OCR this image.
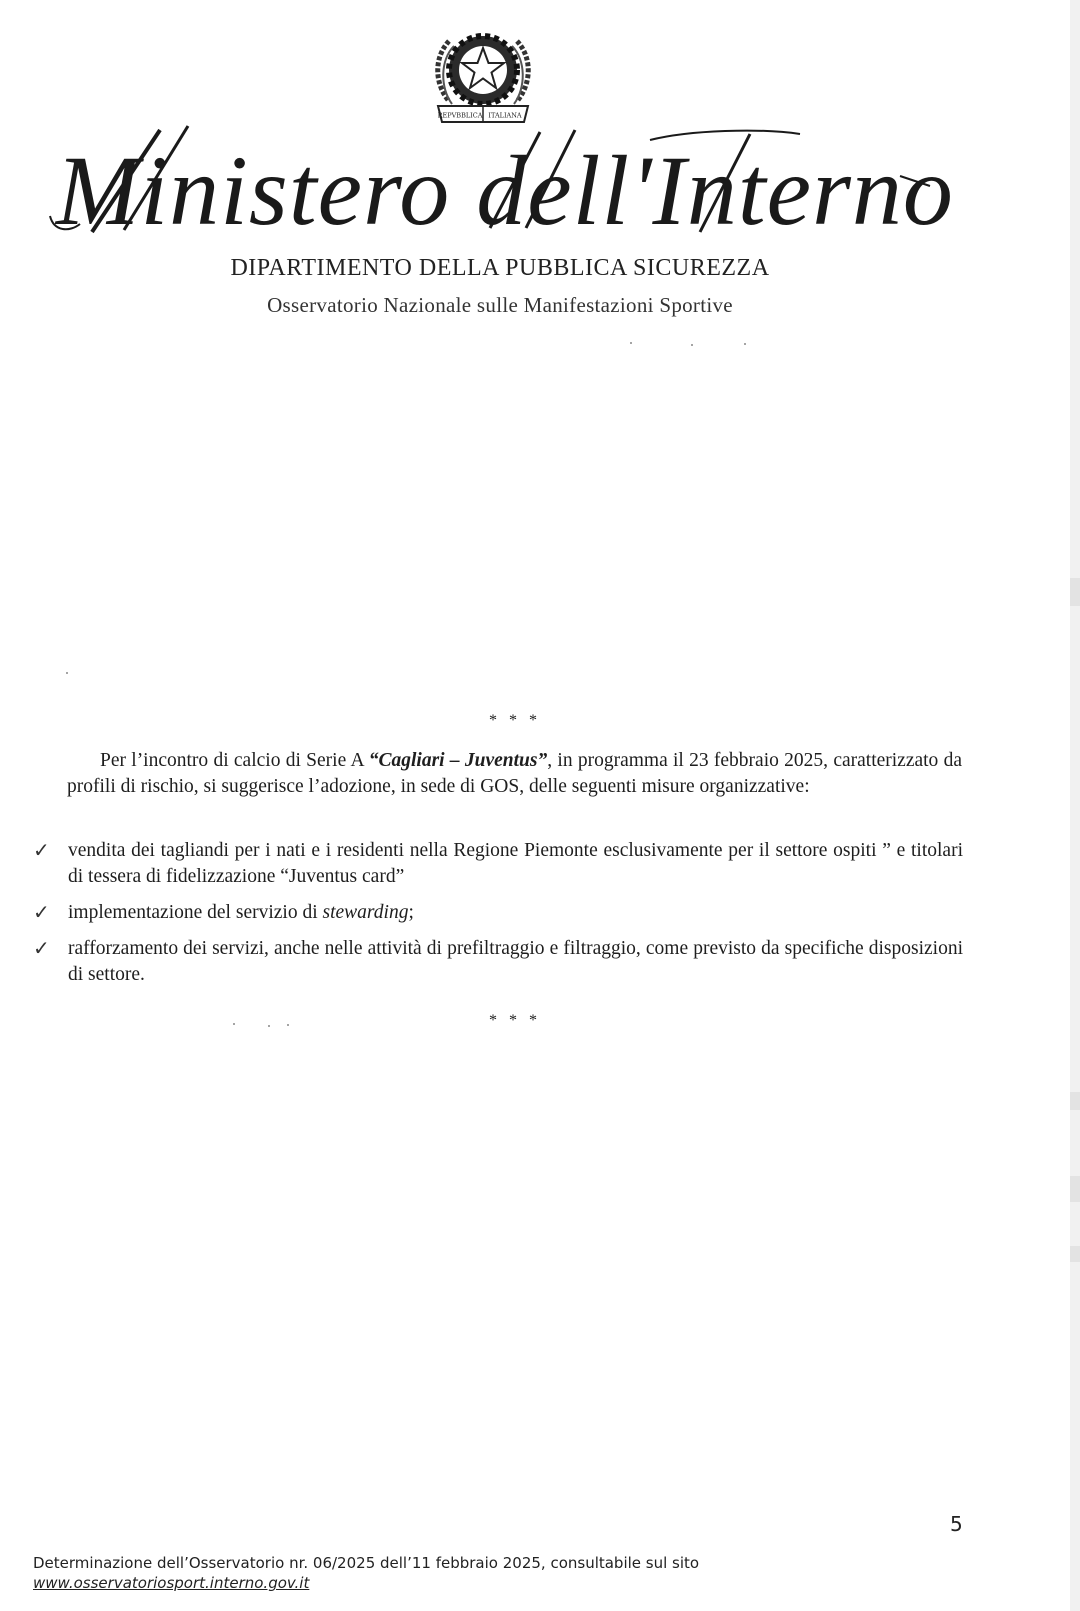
REPVBBLICA ITALIANA
Ministero dell'Interno
DIPARTIMENTO DELLA PUBBLICA SICUREZZA
Osservatorio Nazionale sulle Manifestazioni Sportive
* * *
Per l’incontro di calcio di Serie A “Cagliari – Juventus”, in programma il 23 febbraio 2025, caratterizzato da profili di rischio, si suggerisce l’adozione, in sede di GOS, delle seguenti misure organizzative:
✓ vendita dei tagliandi per i nati e i residenti nella Regione Piemonte esclusivamente per il settore ospiti ” e titolari di tessera di fidelizzazione “Juventus card”
✓ implementazione del servizio di stewarding;
✓ rafforzamento dei servizi, anche nelle attività di prefiltraggio e filtraggio, come previsto da specifiche disposizioni di settore.
* * *
5
Determinazione dell’Osservatorio nr. 06/2025 dell’11 febbraio 2025, consultabile sul sito
www.osservatoriosport.interno.gov.it
